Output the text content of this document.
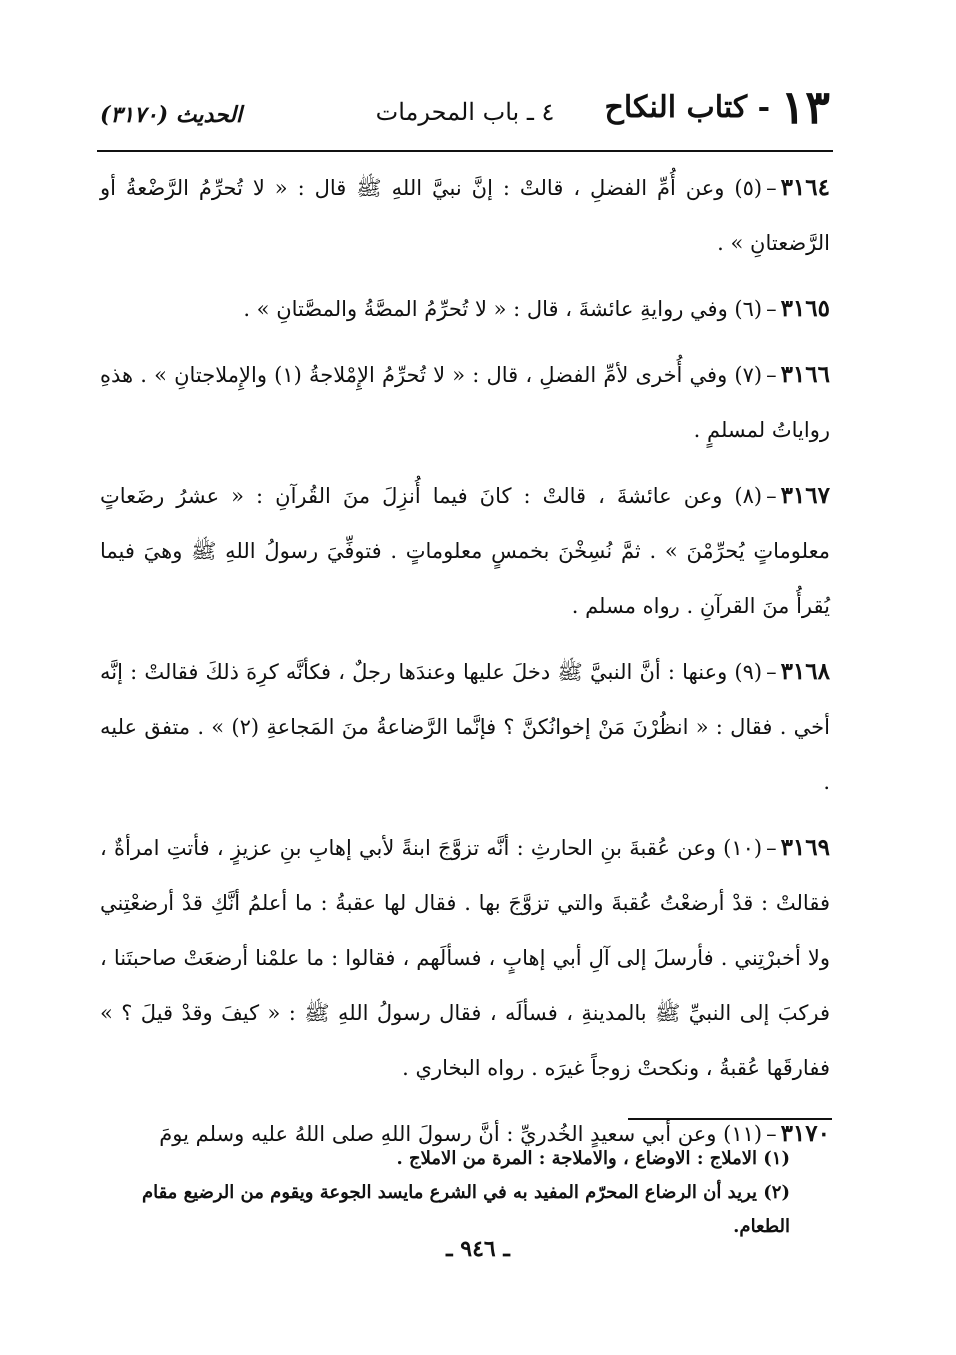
١٣ - كتاب النكاح
٤ ـ باب المحرمات
الحديث (٣١٧٠)

٣١٦٤–(٥) وعن أُمِّ الفضلِ ، قالتْ : إنَّ نبيَّ اللهِ ﷺ قال : « لا تُحرِّمُ الرَّضْعةُ أو الرَّضعتانِ » .

٣١٦٥–(٦) وفي روايةِ عائشةَ ، قال : « لا تُحرِّمُ المصَّةُ والمصَّتانِ » .

٣١٦٦–(٧) وفي أُخرى لأمِّ الفضلِ ، قال : « لا تُحرِّمُ الإِمْلاجةُ (١) والإِملاجتانِ » . هذهِ رواياتُ لمسلمٍ .

٣١٦٧–(٨) وعن عائشةَ ، قالتْ : كانَ فيما أُنزِلَ منَ القُرآنِ : « عشرُ رضَعاتٍ معلوماتٍ يُحرِّمْنَ » . ثمَّ نُسِخْنَ بخمسٍ معلوماتٍ . فتوفِّيَ رسولُ اللهِ ﷺ وهيَ فيما يُقرأُ منَ القرآنِ . رواه مسلم .

٣١٦٨–(٩) وعنها : أنَّ النبيَّ ﷺ دخلَ عليها وعندَها رجلٌ ، فكأنَّه كرِهَ ذلكَ فقالتْ : إنَّه أخي . فقال : « انظُرْنَ مَنْ إخوانُكنَّ ؟ فإنَّما الرَّضاعةُ منَ المَجاعةِ (٢) » . متفق عليه .

٣١٦٩–(١٠) وعن عُقبةَ بنِ الحارثِ : أنَّه تزوَّجَ ابنةً لأبي إهابِ بنِ عزيزٍ ، فأتتِ امرأةٌ ، فقالتْ : قدْ أرضعْتُ عُقبةَ والتي تزوَّجَ بها . فقال لها عقبةُ : ما أعلمُ أنَّكِ قدْ أرضعْتِني ولا أخبرْتِني . فأرسلَ إلى آلِ أبي إهابٍ ، فسألَهم ، فقالوا : ما علمْنا أرضعَتْ صاحبتَنا ، فركبَ إلى النبيِّ ﷺ بالمدينةِ ، فسألَه ، فقال رسولُ اللهِ ﷺ : « كيفَ وقدْ قيلَ ؟ » ففارقَها عُقبةُ ، ونكحتْ زوجاً غيرَه . رواه البخاري .

٣١٧٠–(١١) وعن أبي سعيدٍ الخُدريِّ : أنَّ رسولَ اللهِ صلى اللهُ عليه وسلم يومَ

(١) الاملاج : الاوضاع ، والاملاجة : المرة من الاملاج .
(٢) يريد أن الرضاع المحرّم المفيد به في الشرع مايسد الجوعة ويقوم من الرضيع مقام الطعام.
ـ ٩٤٦ ـ
